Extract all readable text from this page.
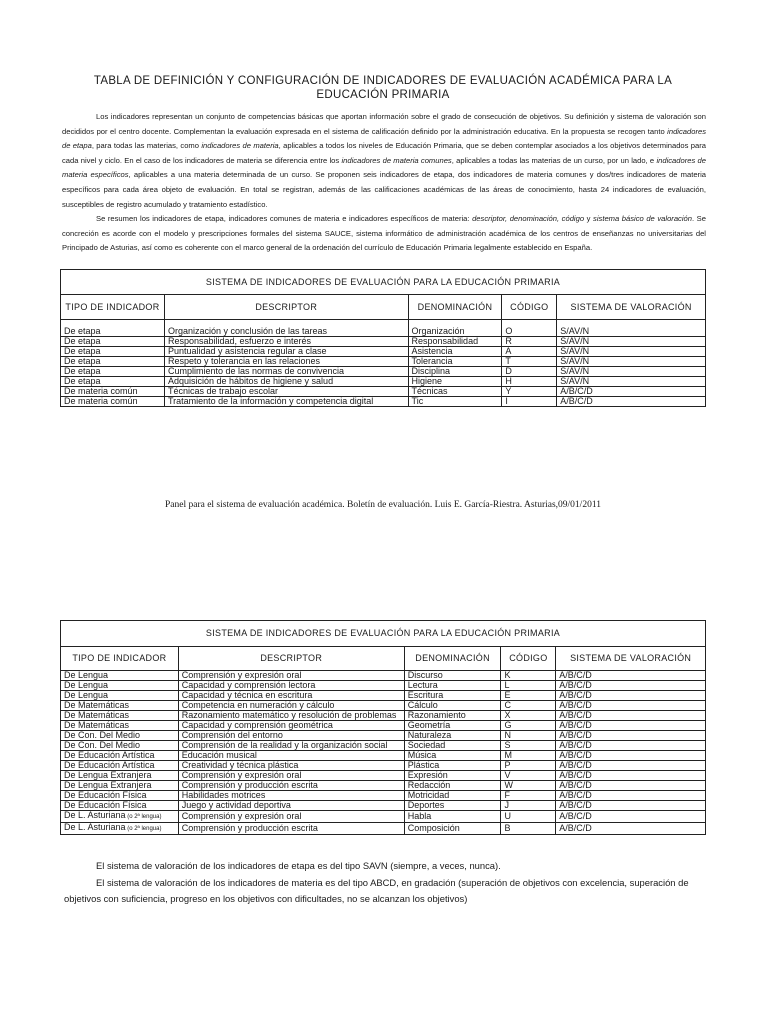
TABLA DE DEFINICIÓN Y CONFIGURACIÓN DE INDICADORES DE EVALUACIÓN ACADÉMICA PARA LA EDUCACIÓN PRIMARIA

Los indicadores representan un conjunto de competencias básicas que aportan información sobre el grado de consecución de objetivos. Su definición y sistema de valoración son decididos por el centro docente. Complementan la evaluación expresada en el sistema de calificación definido por la administración educativa. En la propuesta se recogen tanto indicadores de etapa, para todas las materias, como indicadores de materia, aplicables a todos los niveles de Educación Primaria, que se deben contemplar asociados a los objetivos determinados para cada nivel y ciclo. En el caso de los indicadores de materia se diferencia entre los indicadores de materia comunes, aplicables a todas las materias de un curso, por un lado, e indicadores de materia específicos, aplicables a una materia determinada de un curso. Se proponen seis indicadores de etapa, dos indicadores de materia comunes y dos/tres indicadores de materia específicos para cada área objeto de evaluación. En total se registran, además de las calificaciones académicas de las áreas de conocimiento, hasta 24 indicadores de evaluación, susceptibles de registro acumulado y tratamiento estadístico.

Se resumen los indicadores de etapa, indicadores comunes de materia e indicadores específicos de materia: descriptor, denominación, código y sistema básico de valoración. Se concreción es acorde con el modelo y prescripciones formales del sistema SAUCE, sistema informático de administración académica de los centros de enseñanzas no universitarias del Principado de Asturias, así como es coherente con el marco general de la ordenación del currículo de Educación Primaria legalmente establecido en España.

SISTEMA DE INDICADORES DE EVALUACIÓN PARA LA EDUCACIÓN PRIMARIA				
TIPO DE INDICADOR	DESCRIPTOR	DENOMINACIÓN	CÓDIGO	SISTEMA DE VALORACIÓN
De etapa	Organización y conclusión de las tareas	Organización	O	S/AV/N
De etapa	Responsabilidad, esfuerzo e interés	Responsabilidad	R	S/AV/N
De etapa	Puntualidad y asistencia regular a clase	Asistencia	A	S/AV/N
De etapa	Respeto y tolerancia en las relaciones	Tolerancia	T	S/AV/N
De etapa	Cumplimiento de las normas de convivencia	Disciplina	D	S/AV/N
De etapa	Adquisición de hábitos de higiene y salud	Higiene	H	S/AV/N
De materia común	Técnicas de trabajo escolar	Técnicas	Y	A/B/C/D
De materia común	Tratamiento de la información y competencia digital	Tic	I	A/B/C/D
Panel para el sistema de evaluación académica. Boletín de evaluación. Luis E. García-Riestra. Asturias,09/01/2011
SISTEMA DE INDICADORES DE EVALUACIÓN PARA LA EDUCACIÓN PRIMARIA				
TIPO DE INDICADOR	DESCRIPTOR	DENOMINACIÓN	CÓDIGO	SISTEMA DE VALORACIÓN
De Lengua	Comprensión y expresión oral	Discurso	K	A/B/C/D
De Lengua	Capacidad y comprensión lectora	Lectura	L	A/B/C/D
De Lengua	Capacidad y técnica en escritura	Escritura	E	A/B/C/D
De Matemáticas	Competencia en numeración y cálculo	Cálculo	C	A/B/C/D
De Matemáticas	Razonamiento matemático y resolución de problemas	Razonamiento	X	A/B/C/D
De Matemáticas	Capacidad y comprensión geométrica	Geometría	G	A/B/C/D
De Con. Del Medio	Comprensión del entorno	Naturaleza	N	A/B/C/D
De Con. Del Medio	Comprensión de la realidad y la organización social	Sociedad	S	A/B/C/D
De Educación Artística	Educación musical	Música	M	A/B/C/D
De Educación Artística	Creatividad y técnica plástica	Plástica	P	A/B/C/D
De Lengua Extranjera	Comprensión y expresión oral	Expresión	V	A/B/C/D
De Lengua Extranjera	Comprensión y producción escrita	Redacción	W	A/B/C/D
De Educación Física	Habilidades motrices	Motricidad	F	A/B/C/D
De Educación Física	Juego y actividad deportiva	Deportes	J	A/B/C/D
De L. Asturiana (o 2ª lengua)	Comprensión y expresión oral	Habla	U	A/B/C/D
De L. Asturiana (o 2ª lengua)	Comprensión y producción escrita	Composición	B	A/B/C/D

El sistema de valoración de los indicadores de etapa es del tipo SAVN (siempre, a veces, nunca).

El sistema de valoración de los indicadores de materia es del tipo ABCD, en gradación (superación de objetivos con excelencia, superación de objetivos con suficiencia, progreso en los objetivos con dificultades, no se alcanzan los objetivos)
